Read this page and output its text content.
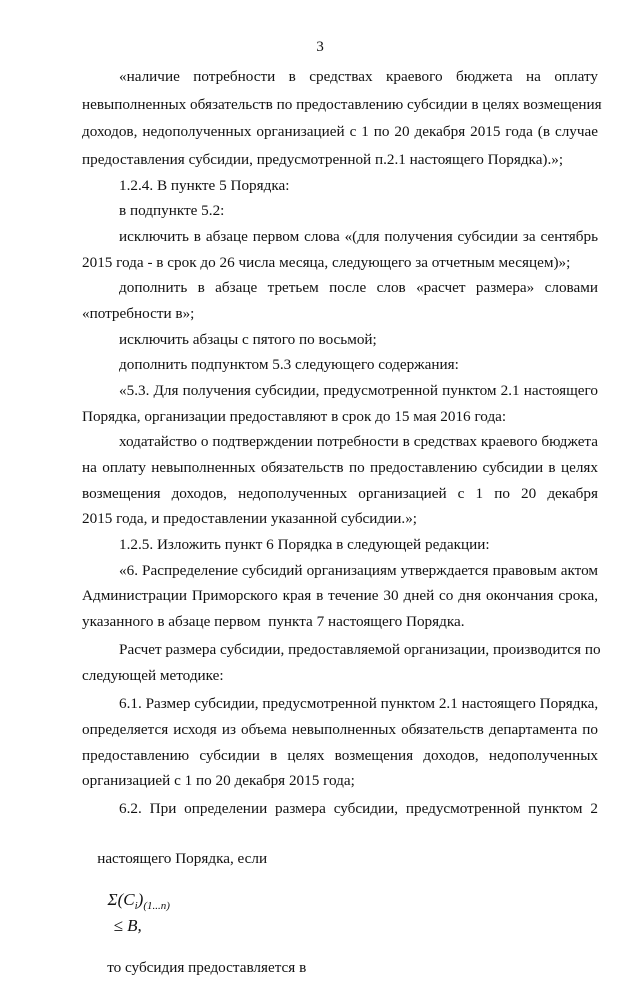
3
«наличие потребности в средствах краевого бюджета на оплату
невыполненных обязательств по предоставлению субсидии в целях возмещения
доходов, недополученных организацией с 1 по 20 декабря 2015 года (в случае
предоставления субсидии, предусмотренной п.2.1 настоящего Порядка).»;
1.2.4. В пункте 5 Порядка:
в подпункте 5.2:
исключить в абзаце первом слова «(для получения субсидии за сентябрь
2015 года - в срок до 26 числа месяца, следующего за отчетным месяцем)»;
дополнить в абзаце третьем после слов «расчет размера» словами
«потребности в»;
исключить абзацы с пятого по восьмой;
дополнить подпунктом 5.3 следующего содержания:
«5.3. Для получения субсидии, предусмотренной пунктом 2.1 настоящего
Порядка, организации предоставляют в срок до 15 мая 2016 года:
ходатайство о подтверждении потребности в средствах краевого бюджета
на оплату невыполненных обязательств по предоставлению субсидии в целях
возмещения доходов, недополученных организацией с 1 по 20 декабря
2015 года, и предоставлении указанной субсидии.»;
1.2.5. Изложить пункт 6 Порядка в следующей редакции:
«6. Распределение субсидий организациям утверждается правовым актом
Администрации Приморского края в течение 30 дней со дня окончания срока,
указанного в абзаце первом  пункта 7 настоящего Порядка.
Расчет размера субсидии, предоставляемой организации, производится по
следующей методике:
6.1. Размер субсидии, предусмотренной пунктом 2.1 настоящего Порядка,
определяется исходя из объема невыполненных обязательств департамента по
предоставлению субсидии в целях возмещения доходов, недополученных
организацией с 1 по 20 декабря 2015 года;
6.2. При определении размера субсидии, предусмотренной пунктом 2

настоящего Порядка, если

$\Sigma(C_i)_{(1...n)}$
≤ B,

то субсидия предоставляется в
